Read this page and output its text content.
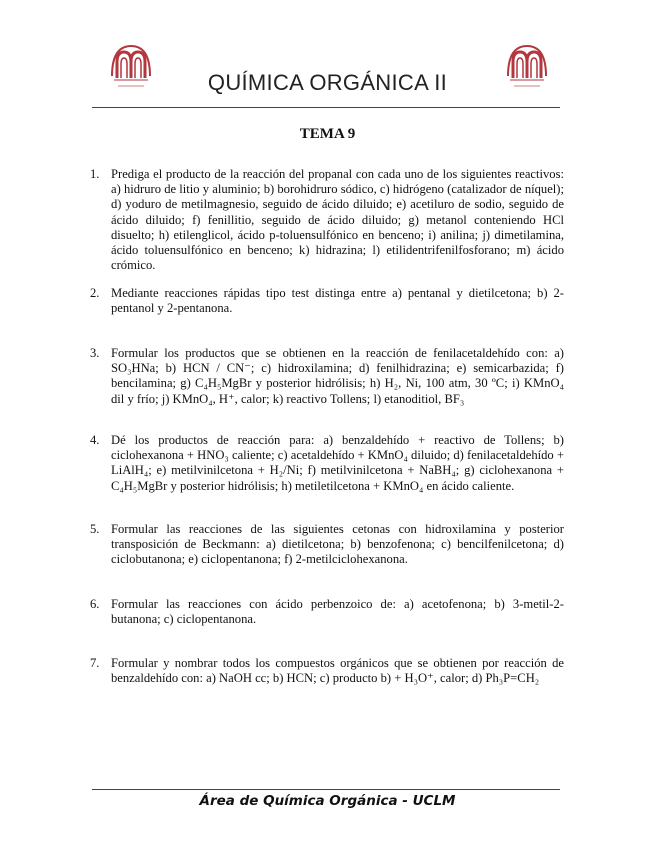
QUÍMICA ORGÁNICA II
TEMA 9
1. Prediga el producto de la reacción del propanal con cada uno de los siguientes reactivos: a) hidruro de litio y aluminio; b) borohidruro sódico, c) hidrógeno (catalizador de níquel); d) yoduro de metilmagnesio, seguido de ácido diluido; e) acetiluro de sodio, seguido de ácido diluido; f) fenillitio, seguido de ácido diluido; g) metanol conteniendo HCl disuelto; h) etilenglicol, ácido p-toluensulfónico en benceno; i) anilina; j) dimetilamina, ácido toluensulfónico en benceno; k) hidrazina; l) etilidentrifenilfosforano; m) ácido crómico.
2. Mediante reacciones rápidas tipo test distinga entre a) pentanal y dietilcetona; b) 2-pentanol y 2-pentanona.
3. Formular los productos que se obtienen en la reacción de fenilacetaldehído con: a) SO₃HNa; b) HCN / CN⁻; c) hidroxilamina; d) fenilhidrazina; e) semicarbazida; f) bencilamina; g) C₄H₅MgBr y posterior hidrólisis; h) H₂, Ni, 100 atm, 30 ºC; i) KMnO₄ dil y frío; j) KMnO₄, H⁺, calor; k) reactivo Tollens; l) etanoditiol, BF₃
4. Dé los productos de reacción para: a) benzaldehído + reactivo de Tollens; b) ciclohexanona + HNO₃ caliente; c) acetaldehído + KMnO₄ diluido; d) fenilacetaldehído + LiAlH₄; e) metilvinilcetona + H₂/Ni; f) metilvinilcetona + NaBH₄; g) ciclohexanona + C₄H₅MgBr y posterior hidrólisis; h) metiletilcetona + KMnO₄ en ácido caliente.
5. Formular las reacciones de las siguientes cetonas con hidroxilamina y posterior transposición de Beckmann: a) dietilcetona; b) benzofenona; c) bencilfenilcetona; d) ciclobutanona; e) ciclopentanona; f) 2-metilciclohexanona.
6. Formular las reacciones con ácido perbenzoico de: a) acetofenona; b) 3-metil-2-butanona; c) ciclopentanona.
7. Formular y nombrar todos los compuestos orgánicos que se obtienen por reacción de benzaldehído con: a) NaOH cc; b) HCN; c) producto b) + H₃O⁺, calor; d) Ph₃P=CH₂
Área de Química Orgánica - UCLM
